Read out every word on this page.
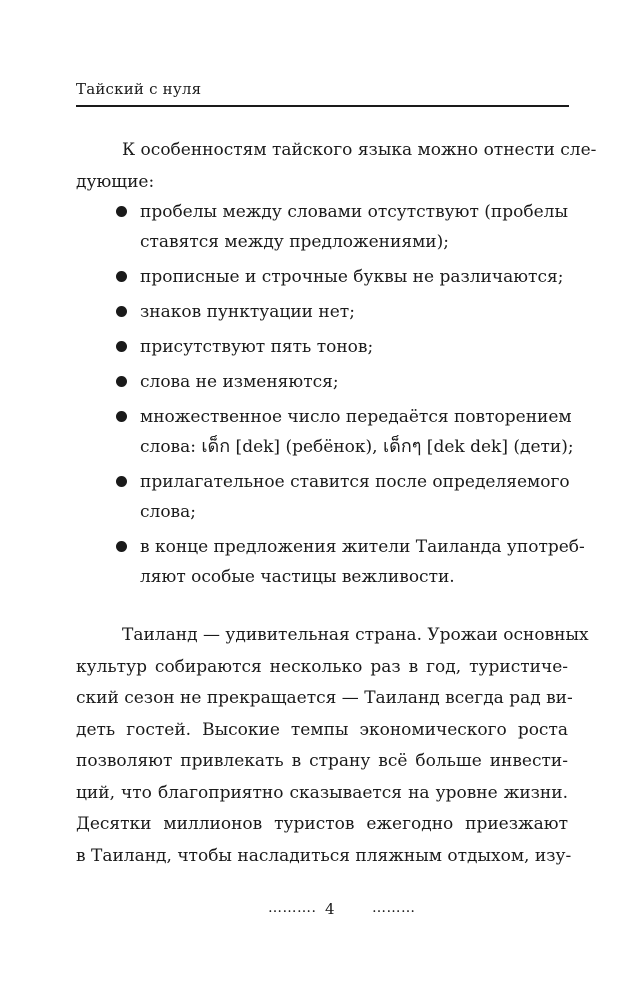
Тайский с нуля
К особенностям тайского языка можно отнести сле-
дующие:
пробелы между словами отсутствуют (пробелы
ставятся между предложениями);
прописные и строчные буквы не различаются;
знаков пунктуации нет;
присутствуют пять тонов;
слова не изменяются;
множественное число передаётся повторением
слова: เด็ก [dek] (ребёнок), เด็กๆ [dek dek] (дети);
прилагательное ставится после определяемого
слова;
в конце предложения жители Таиланда употреб-
ляют особые частицы вежливости.
Таиланд — удивительная страна. Урожаи основных
культур собираются несколько раз в год, туристиче-
ский сезон не прекращается — Таиланд всегда рад ви-
деть гостей. Высокие темпы экономического роста
позволяют привлекать в страну всё больше инвести-
ций, что благоприятно сказывается на уровне жизни.
Десятки миллионов туристов ежегодно приезжают
в Таиланд, чтобы насладиться пляжным отдыхом, изу-
………. 4	………
